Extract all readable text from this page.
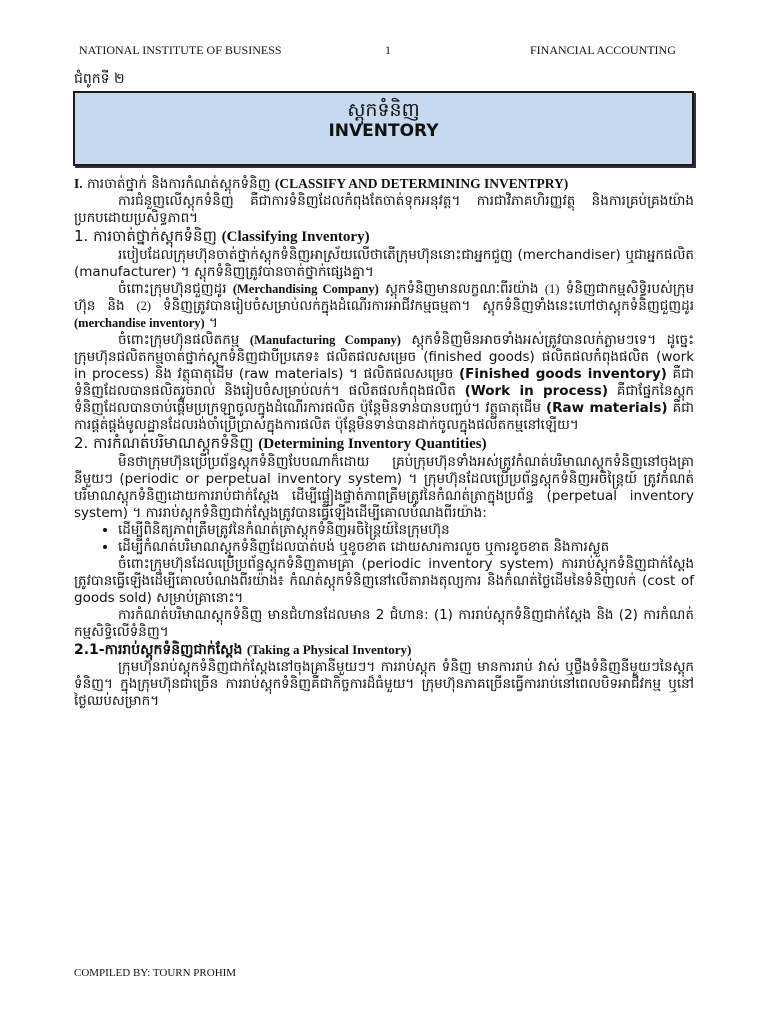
NATIONAL INSTITUTE OF BUSINESS	1	FINANCIAL ACCOUNTING
ជំពូកទី ២
ស្តុកទំនិញ
INVENTORY

I. ការចាត់ថ្នាក់ និងការកំណត់ស្តុកទំនិញ (CLASSIFY AND DETERMINING INVENTPRY)

ការជំនួញលើស្តុកទំនិញ គឺជាការទំនិញដែលកំពុងតែចាត់ទុកអនុវត្ត។ ការជាវិភាគហិរញ្ញវត្ថុ និងការគ្រប់គ្រងយ៉ាងប្រកបដោយប្រសិទ្ធភាព។

1. ការចាត់ថ្នាក់ស្តុកទំនិញ (Classifying Inventory)

របៀបដែលក្រុមហ៊ុនចាត់ថ្នាក់ស្តុកទំនិញអាស្រ័យលើថាតើក្រុមហ៊ុននោះជាអ្នកជួញ (merchandiser) ឬជាអ្នកផលិត (manufacturer) ។ ស្តុកទំនិញត្រូវបានចាត់ថ្នាក់ផ្សេងគ្នា។

ចំពោះក្រុមហ៊ុនជួញដូរ (Merchandising Company) ស្តុកទំនិញមានលក្ខណៈពីរយ៉ាង (1) ទំនិញជាកម្មសិទ្ធិរបស់ក្រុមហ៊ុន និង (2) ទំនិញត្រូវបានរៀបចំសម្រាប់លក់ក្នុងដំណើរការអាជីវកម្មធម្មតា។ ស្តុកទំនិញទាំងនេះហៅថាស្តុកទំនិញជួញដូរ (merchandise inventory) ។

ចំពោះក្រុមហ៊ុនផលិតកម្ម (Manufacturing Company) ស្តុកទំនិញមិនអាចទាំងអស់ត្រូវបានលក់ភ្លាមៗទេ។ ដូច្នេះ ក្រុមហ៊ុនផលិតកម្មចាត់ថ្នាក់ស្តុកទំនិញជាបីប្រភេទ៖ ផលិតផលសម្រេច (finished goods) ផលិតផលកំពុងផលិត (work in process) និង វត្ថុធាតុដើម (raw materials) ។ ផលិតផលសម្រេច (Finished goods inventory) គឺជាទំនិញដែលបានផលិតរួចរាល់ និងរៀបចំសម្រាប់លក់។ ផលិតផលកំពុងផលិត (Work in process) គឺជាផ្នែកនៃស្តុកទំនិញដែលបានចាប់ផ្តើមប្រក្រឡាចូលក្នុងដំណើរការផលិត ប៉ុន្តែមិនទាន់បានបញ្ចប់។ វត្ថុធាតុដើម (Raw materials) គឺជាការផ្គត់ផ្គង់មូលដ្ឋានដែលរង់ចាំប្រើប្រាស់ក្នុងការផលិត ប៉ុន្តែមិនទាន់បានដាក់ចូលក្នុងផលិតកម្មនៅឡើយ។

2. ការកំណត់បរិមាណស្តុកទំនិញ (Determining Inventory Quantities)

មិនថាក្រុមហ៊ុនប្រើប្រព័ន្ធស្តុកទំនិញបែបណាក៏ដោយ គ្រប់ក្រុមហ៊ុនទាំងអស់ត្រូវកំណត់បរិមាណស្តុកទំនិញនៅចុងគ្រានីមួយៗ (periodic or perpetual inventory system) ។ ក្រុមហ៊ុនដែលប្រើប្រព័ន្ធស្តុកទំនិញអចិន្ត្រៃយ៍ ត្រូវកំណត់បរិមាណស្តុកទំនិញដោយការរាប់ជាក់ស្តែង ដើម្បីផ្ទៀងផ្ទាត់ភាពត្រឹមត្រូវនៃកំណត់ត្រាក្នុងប្រព័ន្ធ (perpetual inventory system) ។ ការរាប់ស្តុកទំនិញជាក់ស្តែងត្រូវបានធ្វើឡើងដើម្បីគោលបំណងពីរយ៉ាង:

• ដើម្បីពិនិត្យភាពត្រឹមត្រូវនៃកំណត់ត្រាស្តុកទំនិញអចិន្ត្រៃយ៍នៃក្រុមហ៊ុន
• ដើម្បីកំណត់បរិមាណស្តុកទំនិញដែលបាត់បង់ ឬខូចខាត ដោយសារការលួច ឬការខូចខាត និងការស្ងួត

ចំពោះក្រុមហ៊ុនដែលប្រើប្រព័ន្ធស្តុកទំនិញតាមគ្រា (periodic inventory system) ការរាប់ស្តុកទំនិញជាក់ស្តែងត្រូវបានធ្វើឡើងដើម្បីគោលបំណងពីរយ៉ាង៖ កំណត់ស្តុកទំនិញនៅលើតារាងតុល្យការ និងកំណត់ថ្លៃដើមនៃទំនិញលក់ (cost of goods sold) សម្រាប់គ្រានោះ។

ការកំណត់បរិមាណស្តុកទំនិញ មានជំហានដែលមាន 2 ជំហាន: (1) ការរាប់ស្តុកទំនិញជាក់ស្តែង និង (2) ការកំណត់កម្មសិទ្ធិលើទំនិញ។

2.1-ការរាប់ស្តុកទំនិញជាក់ស្តែង (Taking a Physical Inventory)

ក្រុមហ៊ុនរាប់ស្តុកទំនិញជាក់ស្តែងនៅចុងគ្រានីមួយៗ។ ការរាប់ស្តុក ទំនិញ មានការរាប់ វាស់ ឬថ្លឹងទំនិញនីមួយៗនៃស្តុកទំនិញ។ ក្នុងក្រុមហ៊ុនជាច្រើន ការរាប់ស្តុកទំនិញគឺជាកិច្ចការដ៏ធំមួយ។ ក្រុមហ៊ុនភាគច្រើនធ្វើការរាប់នៅពេលបិទអាជីវកម្ម ឬនៅថ្ងៃឈប់សម្រាក។

COMPILED BY: TOURN PROHIM
